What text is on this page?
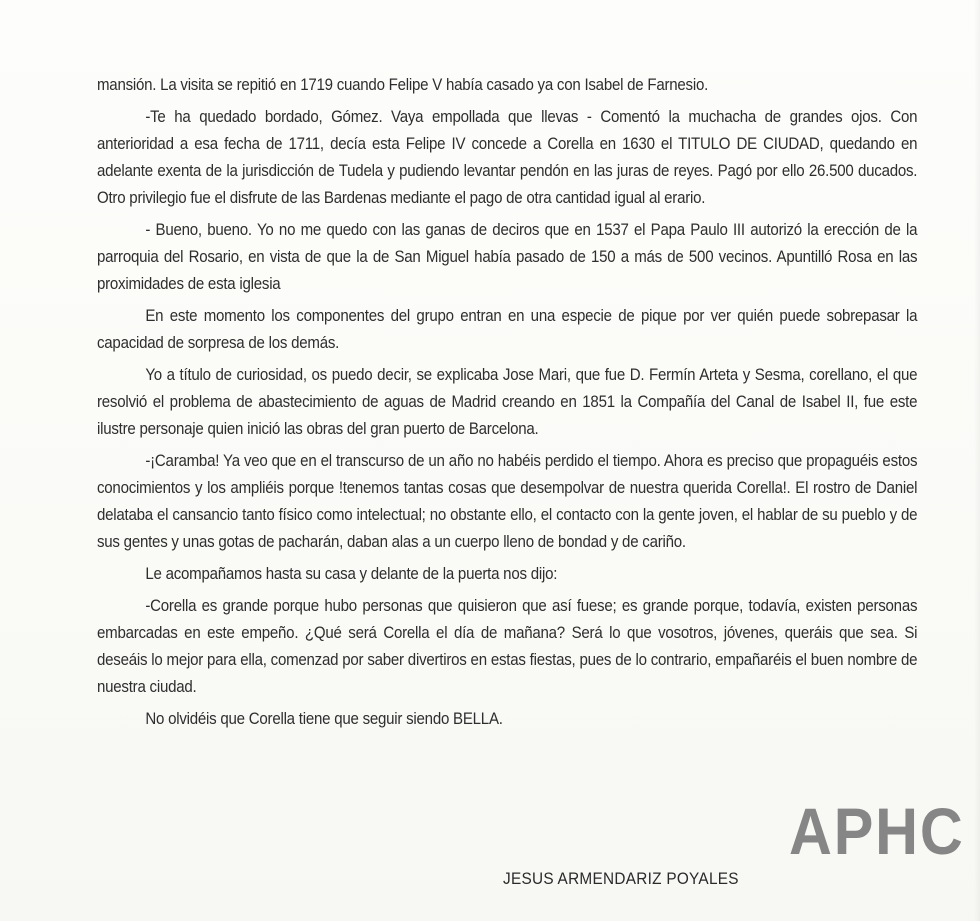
mansión. La visita se repitió en 1719 cuando Felipe V había casado ya con Isabel de Farnesio.

-Te ha quedado bordado, Gómez. Vaya empollada que llevas - Comentó la muchacha de grandes ojos. Con anterioridad a esa fecha de 1711, decía esta Felipe IV concede a Corella en 1630 el TITULO DE CIUDAD, quedando en adelante exenta de la jurisdicción de Tudela y pudiendo levantar pendón en las juras de reyes. Pagó por ello 26.500 ducados. Otro privilegio fue el disfrute de las Bardenas mediante el pago de otra cantidad igual al erario.

- Bueno, bueno. Yo no me quedo con las ganas de deciros que en 1537 el Papa Paulo III autorizó la erección de la parroquia del Rosario, en vista de que la de San Miguel había pasado de 150 a más de 500 vecinos. Apuntilló Rosa en las proximidades de esta iglesia

En este momento los componentes del grupo entran en una especie de pique por ver quién puede sobrepasar la capacidad de sorpresa de los demás.

Yo a título de curiosidad, os puedo decir, se explicaba Jose Mari, que fue D. Fermín Arteta y Sesma, corellano, el que resolvió el problema de abastecimiento de aguas de Madrid creando en 1851 la Compañía del Canal de Isabel II, fue este ilustre personaje quien inició las obras del gran puerto de Barcelona.

-¡Caramba! Ya veo que en el transcurso de un año no habéis perdido el tiempo. Ahora es preciso que propaguéis estos conocimientos y los ampliéis porque !tenemos tantas cosas que desempolvar de nuestra querida Corella!. El rostro de Daniel delataba el cansancio tanto físico como intelectual; no obstante ello, el contacto con la gente joven, el hablar de su pueblo y de sus gentes y unas gotas de pacharán, daban alas a un cuerpo lleno de bondad y de cariño.

Le acompañamos hasta su casa y delante de la puerta nos dijo:

-Corella es grande porque hubo personas que quisieron que así fuese; es grande porque, todavía, existen personas embarcadas en este empeño. ¿Qué será Corella el día de mañana? Será lo que vosotros, jóvenes, queráis que sea. Si deseáis lo mejor para ella, comenzad por saber divertiros en estas fiestas, pues de lo contrario, empañaréis el buen nombre de nuestra ciudad.

No olvidéis que Corella tiene que seguir siendo BELLA.

APHC
JESUS ARMENDARIZ POYALES
